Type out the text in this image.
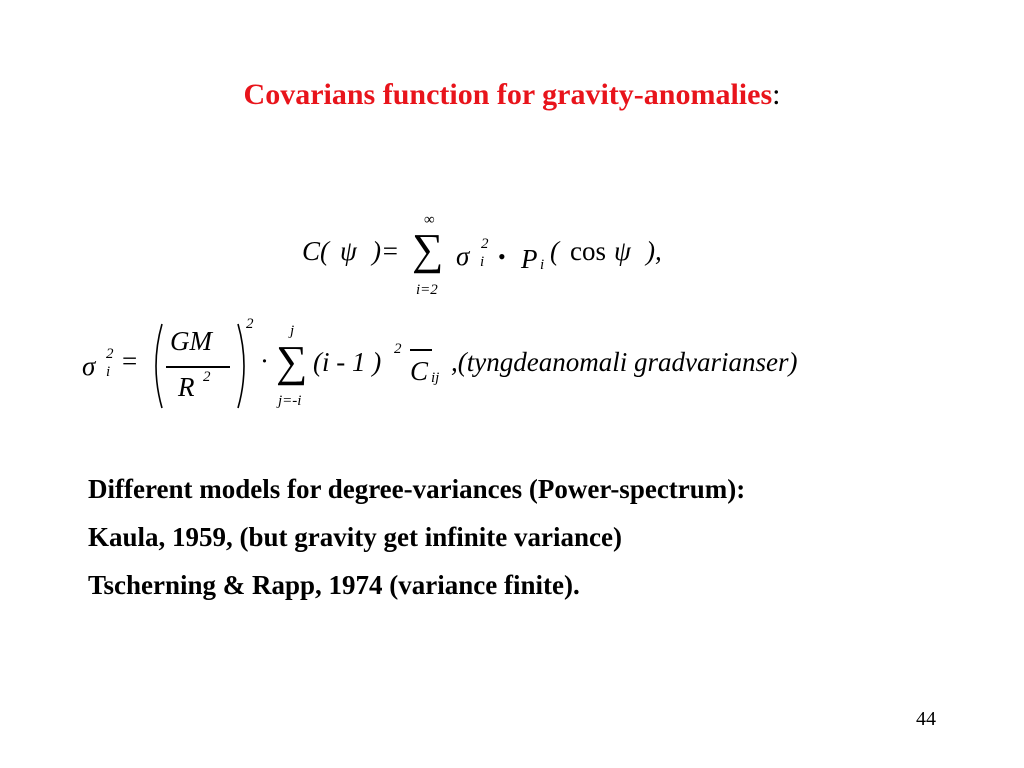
Covarians function for gravity-anomalies:
C( ψ )=
∞
∑
i=2
σ 2
i • P i ( cos ψ ),
σ 2
i =
GM
R 2
2
·
j
∑
j=-i
(i - 1 ) 2
C ij
,(tyngdeanomali gradvarianser)
Different models for degree-variances (Power-spectrum):
Kaula, 1959, (but gravity get infinite variance)
Tscherning & Rapp, 1974 (variance finite).
44
